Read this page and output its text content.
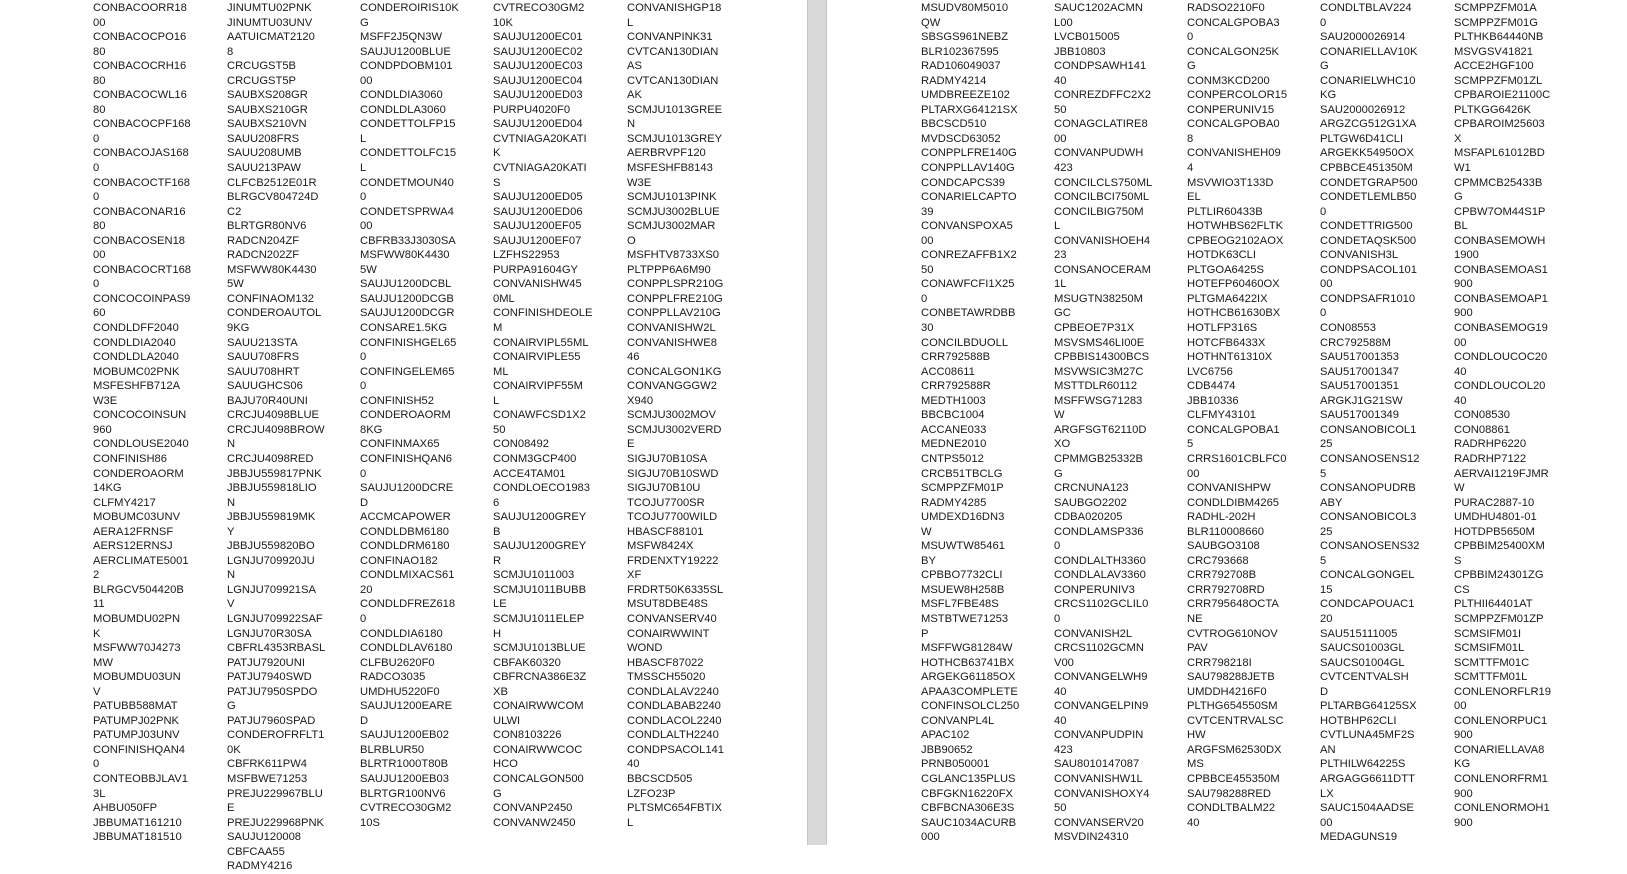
CONBACOORR18
00
CONBACOCPO16
80
CONBACOCRH16
80
CONBACOCWL16
80
CONBACOCPF168
0
CONBACOJAS168
0
CONBACOCTF168
0
CONBACONAR16
80
CONBACOSEN18
00
CONBACOCRT168
0
CONCOCOINPAS9
60
CONDLDFF2040
CONDLDIA2040
CONDLDLA2040
MOBUMC02PNK
MSFESHFB712A
W3E
CONCOCOINSUN
960
CONDLOUSE2040
CONFINISH86
CONDEROAORM
14KG
CLFMY4217
MOBUMC03UNV
AERA12FRNSF
AERS12ERNSJ
AERCLIMATE5001
2
BLRGCV504420B
11
MOBUMDU02PN
K
MSFWW70J4273
MW
MOBUMDU03UN
V
PATUBB588MAT
PATUMPJ02PNK
PATUMPJ03UNV
CONFINISHQAN4
0
CONTEOBBJLAV1
3L
AHBU050FP
JBBUMAT161210
JBBUMAT181510
JINUMTU02PNK
JINUMTU03UNV
AATUICMAT2120
8
CRCUGST5B
CRCUGST5P
SAUBXS208GR
SAUBXS210GR
SAUBXS210VN
SAUU208FRS
SAUU208UMB
SAUU213PAW
CLFCB2512E01R
BLRGCV804724D
C2
BLRTGR80NV6
RADCN204ZF
RADCN202ZF
MSFWW80K4430
5W
CONFINAOM132
CONDEROAUTOL
9KG
SAUU213STA
SAUU708FRS
SAUU708HRT
SAUUGHCS06
BAJU70R40UNI
CRCJU4098BLUE
CRCJU4098BROW
N
CRCJU4098RED
JBBJU559817PNK
JBBJU559818LIO
N
JBBJU559819MK
Y
JBBJU559820BO
LGNJU709920JU
N
LGNJU709921SA
V
LGNJU709922SAF
LGNJU70R30SA
CBFRL4353RBASL
PATJU7920UNI
PATJU7940SWD
PATJU7950SPDO
G
PATJU7960SPAD
CONDEROFRFLT1
0K
CBFRK611PW4
MSFBWE71253
PREJU229967BLU
E
PREJU229968PNK
SAUJU120008
CBFCAA55
RADMY4216
CONDEROIRIS10K
G
MSFF2J5QN3W
SAUJU1200BLUE
CONDPDOBM101
00
CONDLDIA3060
CONDLDLA3060
CONDETTOLFP15
L
CONDETTOLFC15
L
CONDETMOUN40
0
CONDETSPRWA4
00
CBFRB33J3030SA
MSFWW80K4430
5W
SAUJU1200DCBL
SAUJU1200DCGB
SAUJU1200DCGR
CONSARE1.5KG
CONFINISHGEL65
0
CONFINGELEM65
0
CONFINISH52
CONDEROAORM
8KG
CONFINMAX65
CONFINISHQAN6
0
SAUJU1200DCRE
D
ACCMCAPOWER
CONDLDBM6180
CONDLDRM6180
CONFINAO182
CONDLMIXACS61
20
CONDLDFREZ618
0
CONDLDIA6180
CONDLDLAV6180
CLFBU2620F0
RADCO3035
UMDHU5220F0
SAUJU1200EARE
D
SAUJU1200EB02
BLRBLUR50
BLRTR1000T80B
SAUJU1200EB03
BLRTGR100NV6
CVTRECO30GM2
10S
CVTRECO30GM2
10K
SAUJU1200EC01
SAUJU1200EC02
SAUJU1200EC03
SAUJU1200EC04
SAUJU1200ED03
PURPU4020F0
SAUJU1200ED04
CVTNIAGA20KATI
K
CVTNIAGA20KATI
S
SAUJU1200ED05
SAUJU1200ED06
SAUJU1200EF05
SAUJU1200EF07
LZFHS22953
PURPA91604GY
CONVANISHW45
0ML
CONFINISHDEOLE
M
CONAIRVIPL55ML
CONAIRVIPLE55
ML
CONAIRVIPF55M
L
CONAWFCSD1X2
50
CON08492
CONM3GCP400
ACCE4TAM01
CONDLOECO1983
6
SAUJU1200GREY
B
SAUJU1200GREY
R
SCMJU1011003
SCMJU1011BUBB
LE
SCMJU1011ELEP
H
SCMJU1013BLUE
CBFAK60320
CBFRCNA386E3Z
XB
CONAIRWWCOM
ULWI
CON8103226
CONAIRWWCOC
HCO
CONCALGON500
G
CONVANP2450
CONVANW2450
CONVANISHGP18
L
CONVANPINK31
CVTCAN130DIAN
AS
CVTCAN130DIAN
AK
SCMJU1013GREE
N
SCMJU1013GREY
AERBRVPF120
MSFESHFB8143
W3E
SCMJU1013PINK
SCMJU3002BLUE
SCMJU3002MAR
O
MSFHTV8733XS0
PLTPPP6A6M90
CONPPLSPR210G
CONPPLFRE210G
CONPPLLAV210G
CONVANISHW2L
CONVANISHWE8
46
CONCALGON1KG
CONVANGGGW2
X940
SCMJU3002MOV
SCMJU3002VERD
E
SIGJU70B10SA
SIGJU70B10SWD
SIGJU70B10U
TCOJU7700SR
TCOJU7700WILD
HBASCF88101
MSFW8424X
FRDENXTY19222
XF
FRDRT50K6335SL
MSUT8DBE48S
CONVANSERV40
CONAIRWWINT
WOND
HBASCF87022
TMSSCH55020
CONDLALAV2240
CONDLABAB2240
CONDLACOL2240
CONDLALTH2240
CONDPSACOL141
40
BBCSCD505
LZFO23P
PLTSMC654FBTIX
L
MSUDV80M5010
QW
SBSGS961NEBZ
BLR102367595
RAD106049037
RADMY4214
UMDBREEZE102
PLTARXG64121SX
BBCSCD510
MVDSCD63052
CONPPLFRE140G
CONPPLLAV140G
CONDCAPCS39
CONARIELCAPTO
39
CONVANSPOXA5
00
CONREZAFFB1X2
50
CONAWFCFI1X25
0
CONBETAWRDBB
30
CONCILBDUOLL
CRR792588B
ACC08611
CRR792588R
MEDTH1003
BBCBC1004
ACCANE033
MEDNE2010
CNTPS5012
CRCB51TBCLG
SCMPPZFM01P
RADMY4285
UMDEXD16DN3
W
MSUWTW85461
BY
CPBBO7732CLI
MSUEW8H258B
MSFL7FBE48S
MSTBTWE71253
P
MSFFWG81284W
HOTHCB63741BX
ARGEKG61185OX
APAA3COMPLETE
CONFINSOLCL250
CONVANPL4L
APAC102
JBB90652
PRNB050001
CGLANC135PLUS
CBFGKN16220FX
CBFBCNA306E3S
SAUC1034ACURB
000
SAUC1202ACMN
L00
LVCB015005
JBB10803
CONDPSAWH141
40
CONREZDFFC2X2
50
CONAGCLATIRE8
00
CONVANPUDWH
423
CONCILCLS750ML
CONCILBCI750ML
CONCILBIG750M
L
CONVANISHOEH4
23
CONSANOCERAM
1L
MSUGTN38250M
GC
CPBEOE7P31X
MSVSMS46LI00E
CPBBIS14300BCS
MSVWSIC3M27C
MSTTDLR60112
MSFFWSG71283
W
ARGFSGT62110D
XO
CPMMGB25332B
G
CRCNUNA123
SAUBGO2202
CDBA020205
CONDLAMSP336
0
CONDLALTH3360
CONDLALAV3360
CONPERUNIV3
CRCS1102GCLIL0
0
CONVANISH2L
CRCS1102GCMN
V00
CONVANGELWH9
40
CONVANGELPIN9
40
CONVANPUDPIN
423
SAU8010147087
CONVANISHW1L
CONVANISHOXY4
50
CONVANSERV20
MSVDIN24310
RADSO2210F0
CONCALGPOBA3
0
CONCALGON25K
G
CONM3KCD200
CONPERCOLOR15
CONPERUNIV15
CONCALGPOBA0
8
CONVANISHEH09
4
MSVWIO3T133D
EL
PLTLIR60433B
HOTWHBS62FLTK
CPBEOG2102AOX
HOTDK63CLI
PLTGOA6425S
HOTEFP60460OX
PLTGMA6422IX
HOTHCB61630BX
HOTLFP316S
HOTCFB6433X
HOTHNT61310X
LVC6756
CDB4474
JBB10336
CLFMY43101
CONCALGPOBA1
5
CRRS1601CBLFC0
00
CONVANISHPW
CONDLDIBM4265
RADHL-202H
BLR110008660
SAUBGO3108
CRC793668
CRR792708B
CRR792708RD
CRR795648OCTA
NE
CVTROG610NOV
PAV
CRR798218I
SAU798288JETB
UMDDH4216F0
PLTHG654550SM
CVTCENTRVALSC
HW
ARGFSM62530DX
MS
CPBBCE455350M
SAU798288RED
CONDLTBALM22
40
CONDLTBLAV224
0
SAU2000026914
CONARIELLAV10K
G
CONARIELWHC10
KG
SAU2000026912
ARGZCG512G1XA
PLTGW6D41CLI
ARGEKK54950OX
CPBBCE451350M
CONDETGRAP500
CONDETLEMLB50
0
CONDETTRIG500
CONDETAQSK500
CONVANISH3L
CONDPSACOL101
00
CONDPSAFR1010
0
CON08553
CRC792588M
SAU517001353
SAU517001347
SAU517001351
ARGKJ1G21SW
SAU517001349
CONSANOBICOL1
25
CONSANOSENS12
5
CONSANOPUDRB
ABY
CONSANOBICOL3
25
CONSANOSENS32
5
CONCALGONGEL
15
CONDCAPOUAC1
20
SAU515111005
SAUCS01003GL
SAUCS01004GL
CVTCENTVALSH
D
PLTARBG64125SX
HOTBHP62CLI
CVTLUNA45MF2S
AN
PLTHILW64225S
ARGAGG6611DTT
LX
SAUC1504AADSE
00
MEDAGUNS19
SCMPPZFM01A
SCMPPZFM01G
PLTHKB64440NB
MSVGSV41821
ACCE2HGF100
SCMPPZFM01ZL
CPBAROIE21100C
PLTKGG6426K
CPBAROIM25603
X
MSFAPL61012BD
W1
CPMMCB25433B
G
CPBW7OM44S1P
BL
CONBASEMOWH
1900
CONBASEMOAS1
900
CONBASEMOAP1
900
CONBASEMOG19
00
CONDLOUCOC20
40
CONDLOUCOL20
40
CON08530
CON08861
RADRHP6220
RADRHP7122
AERVAI1219FJMR
W
PURAC2887-10
UMDHU4801-01
HOTDPB5650M
CPBBIM25400XM
S
CPBBIM24301ZG
CS
PLTHII64401AT
SCMPPZFM01ZP
SCMSIFM01I
SCMSIFM01L
SCMTTFM01C
SCMTTFM01L
CONLENORFLR19
00
CONLENORPUC1
900
CONARIELLAVA8
KG
CONLENORFRM1
900
CONLENORMOH1
900
